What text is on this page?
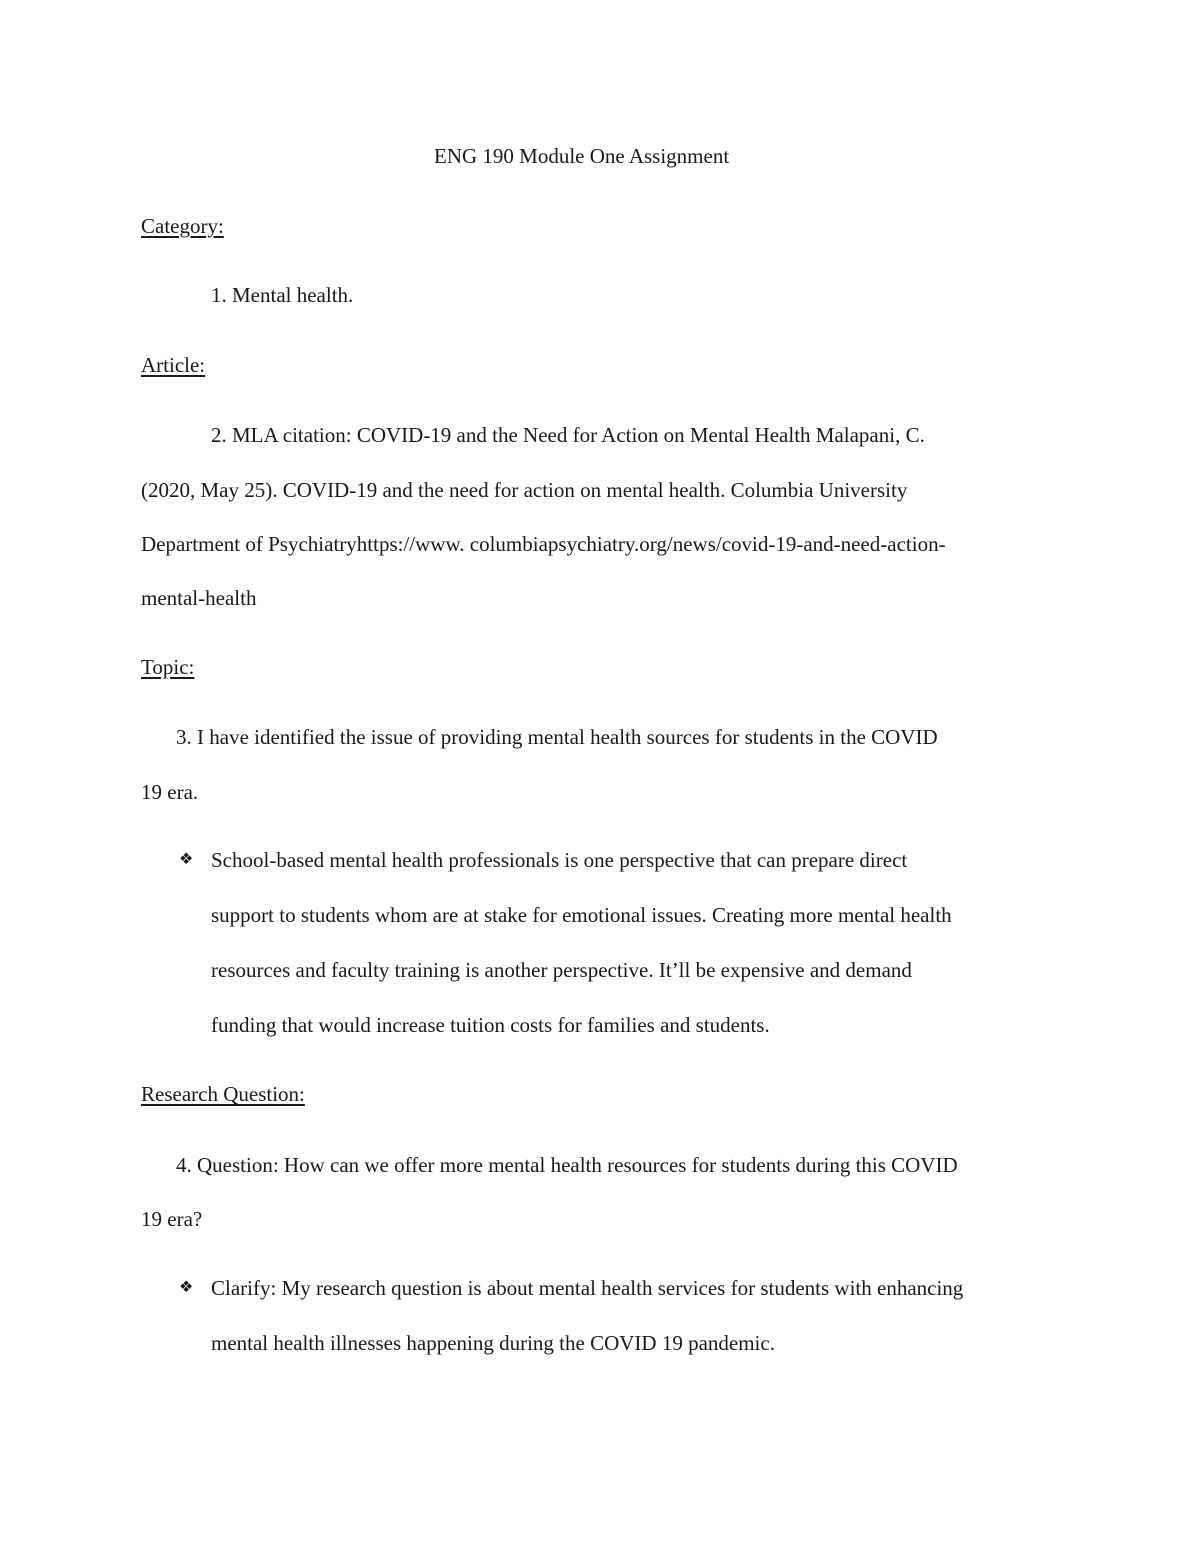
ENG 190 Module One Assignment
Category:
1. Mental health.
Article:
2. MLA citation: COVID-19 and the Need for Action on Mental Health Malapani, C.
(2020, May 25). COVID-19 and the need for action on mental health. Columbia University
Department of Psychiatryhttps://www. columbiapsychiatry.org/news/covid-19-and-need-action-
mental-health
Topic:
3. I have identified the issue of providing mental health sources for students in the COVID
19 era.
❖ School-based mental health professionals is one perspective that can prepare direct
support to students whom are at stake for emotional issues. Creating more mental health
resources and faculty training is another perspective. It’ll be expensive and demand
funding that would increase tuition costs for families and students.
Research Question:
4. Question: How can we offer more mental health resources for students during this COVID
19 era?
❖ Clarify: My research question is about mental health services for students with enhancing
mental health illnesses happening during the COVID 19 pandemic.
